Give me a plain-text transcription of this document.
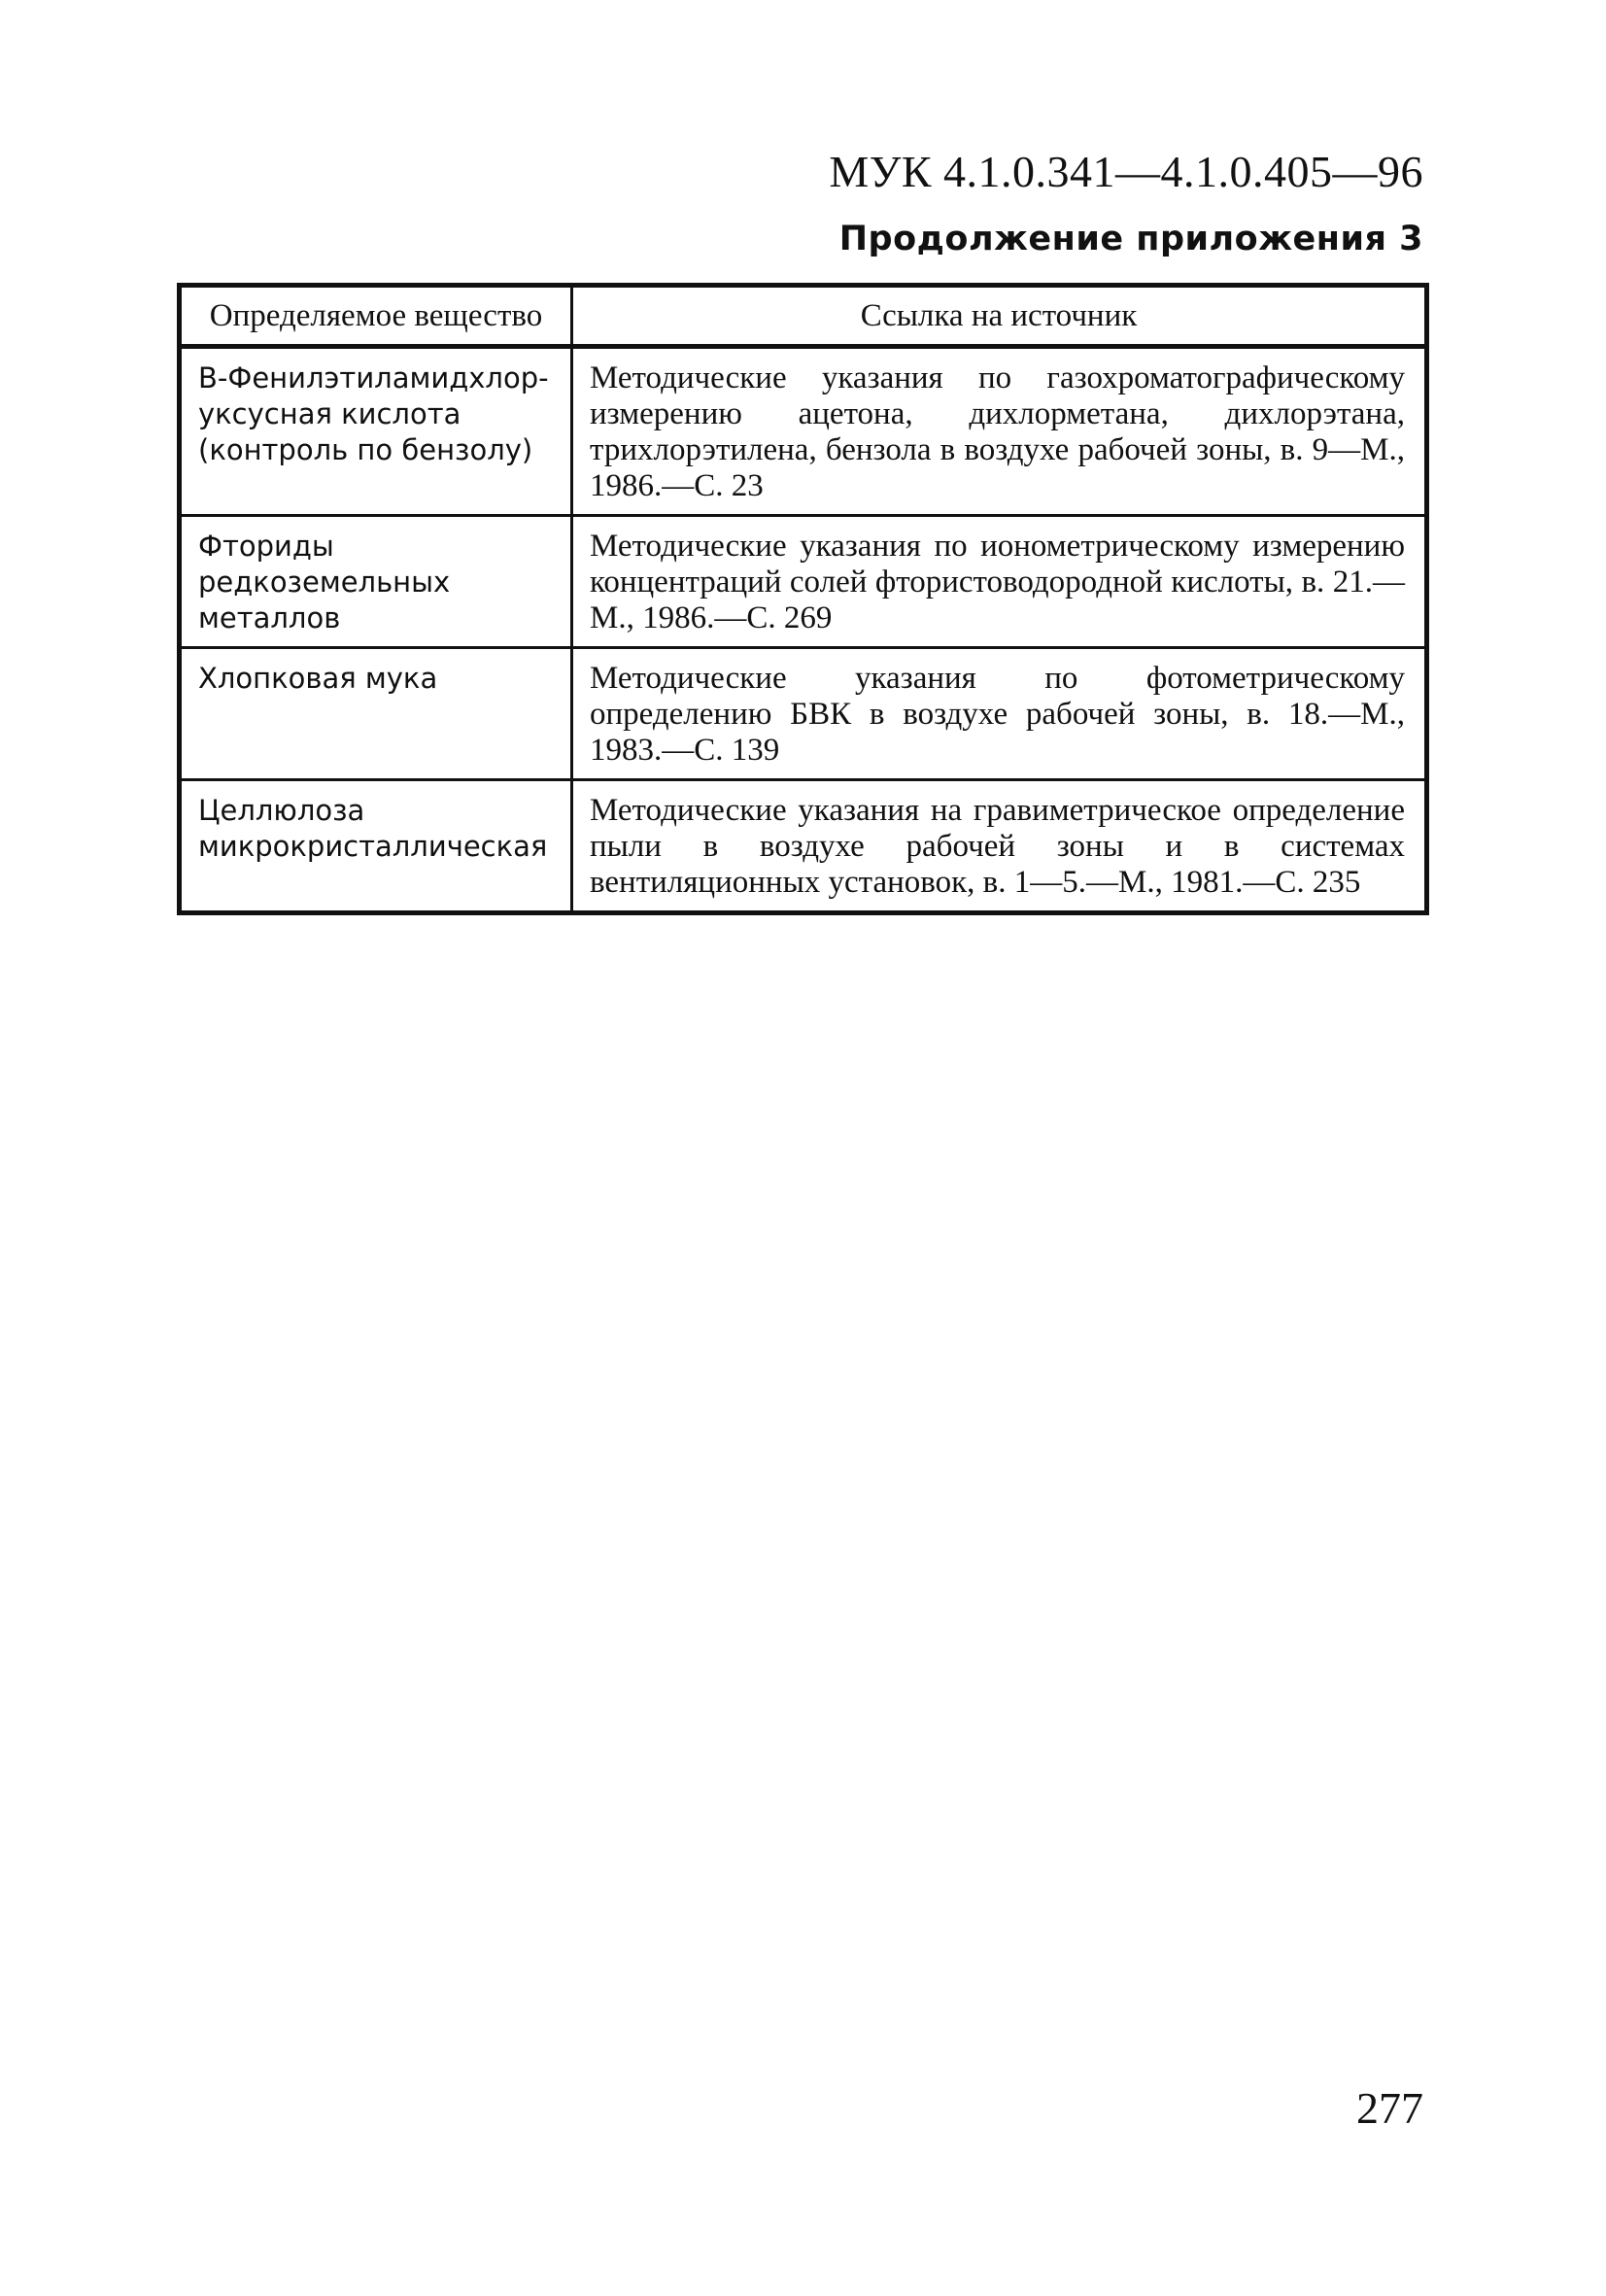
МУК 4.1.0.341—4.1.0.405—96
Продолжение приложения 3
Определяемое вещество	Ссылка на источник
В-Фенилэтиламидхлор-уксусная кислота (контроль по бензолу)	Методические указания по газохроматографическому измерению ацетона, дихлорметана, дихлорэтана, трихлорэтилена, бензола в воздухе рабочей зоны, в. 9—М., 1986.—С. 23
Фториды редкоземельных металлов	Методические указания по ионометрическому измерению концентраций солей фтористоводородной кислоты, в. 21.—М., 1986.—С. 269
Хлопковая мука	Методические указания по фотометрическому определению БВК в воздухе рабочей зоны, в. 18.—М., 1983.—С. 139
Целлюлоза микрокристаллическая	Методические указания на гравиметрическое определение пыли в воздухе рабочей зоны и в системах вентиляционных установок, в. 1—5.—М., 1981.—С. 235
277
